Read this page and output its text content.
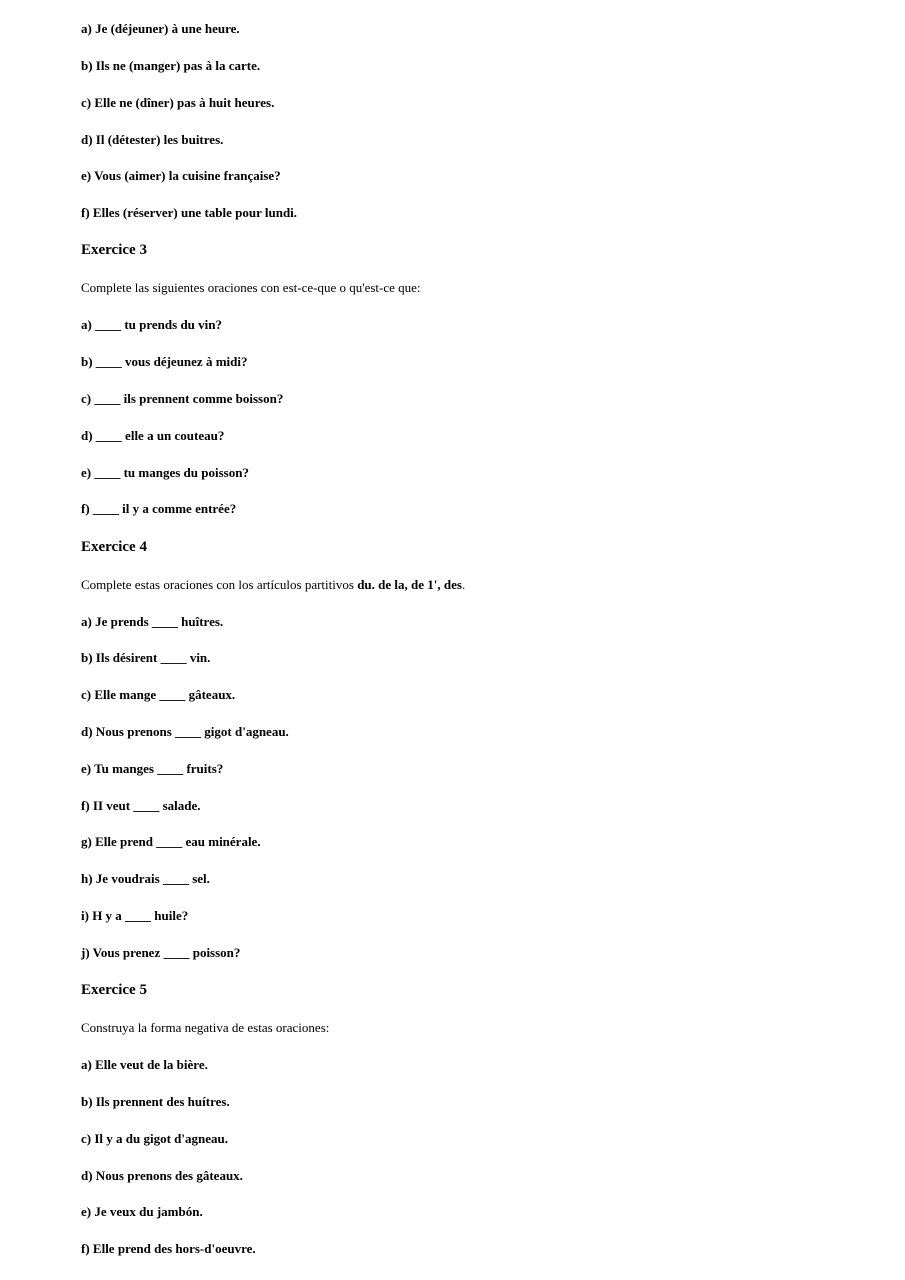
a) Je (déjeuner) à une heure.
b) Ils ne (manger) pas à la carte.
c) Elle ne (dîner) pas à huit heures.
d) Il (détester) les buitres.
e) Vous (aimer) la cuisine française?
f) Elles (réserver) une table pour lundi.
Exercice 3
Complete las siguientes oraciones con est-ce-que o qu'est-ce que:
a) ____ tu prends du vin?
b) ____ vous déjeunez à midi?
c) ____ ils prennent comme boisson?
d) ____ elle a un couteau?
e) ____ tu manges du poisson?
f) ____ il y a comme entrée?
Exercice 4
Complete estas oraciones con los artículos partitivos du. de la, de 1', des.
a) Je prends ____ huîtres.
b) Ils désirent ____ vin.
c) Elle mange ____ gâteaux.
d) Nous prenons ____ gigot d'agneau.
e) Tu manges ____ fruits?
f) II veut ____ salade.
g) Elle prend ____ eau minérale.
h) Je voudrais ____ sel.
i) H y a ____ huile?
j) Vous prenez ____ poisson?
Exercice 5
Construya la forma negativa de estas oraciones:
a) Elle veut de la bière.
b) Ils prennent des huítres.
c) Il y a du gigot d'agneau.
d) Nous prenons des gâteaux.
e) Je veux du jambón.
f) Elle prend des hors-d'oeuvre.
